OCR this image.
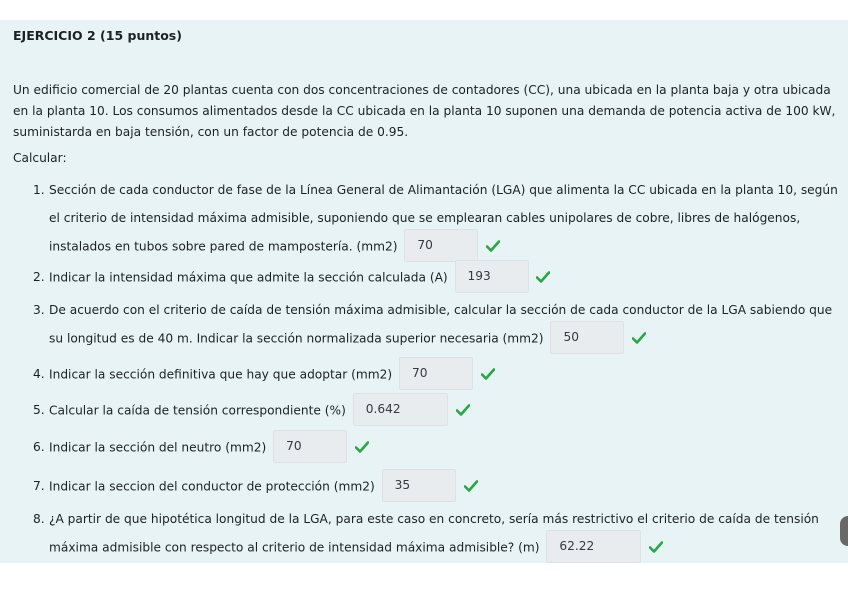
EJERCICIO 2 (15 puntos)

Un edificio comercial de 20 plantas cuenta con dos concentraciones de contadores (CC), una ubicada en la planta baja y otra ubicada en la planta 10. Los consumos alimentados desde la CC ubicada en la planta 10 suponen una demanda de potencia activa de 100 kW, suministarda en baja tensión, con un factor de potencia de 0.95.

Calcular:

1. Sección de cada conductor de fase de la Línea General de Alimantación (LGA) que alimenta la CC ubicada en la planta 10, según el criterio de intensidad máxima admisible, suponiendo que se emplearan cables unipolares de cobre, libres de halógenos, instalados en tubos sobre pared de mampostería. (mm2) 70
2. Indicar la intensidad máxima que admite la sección calculada (A) 193
3. De acuerdo con el criterio de caída de tensión máxima admisible, calcular la sección de cada conductor de la LGA sabiendo que su longitud es de 40 m. Indicar la sección normalizada superior necesaria (mm2) 50
4. Indicar la sección definitiva que hay que adoptar (mm2) 70
5. Calcular la caída de tensión correspondiente (%) 0.642
6. Indicar la sección del neutro (mm2) 70
7. Indicar la seccion del conductor de protección (mm2) 35
8. ¿A partir de que hipotética longitud de la LGA, para este caso en concreto, sería más restrictivo el criterio de caída de tensión máxima admisible con respecto al criterio de intensidad máxima admisible? (m) 62.22
